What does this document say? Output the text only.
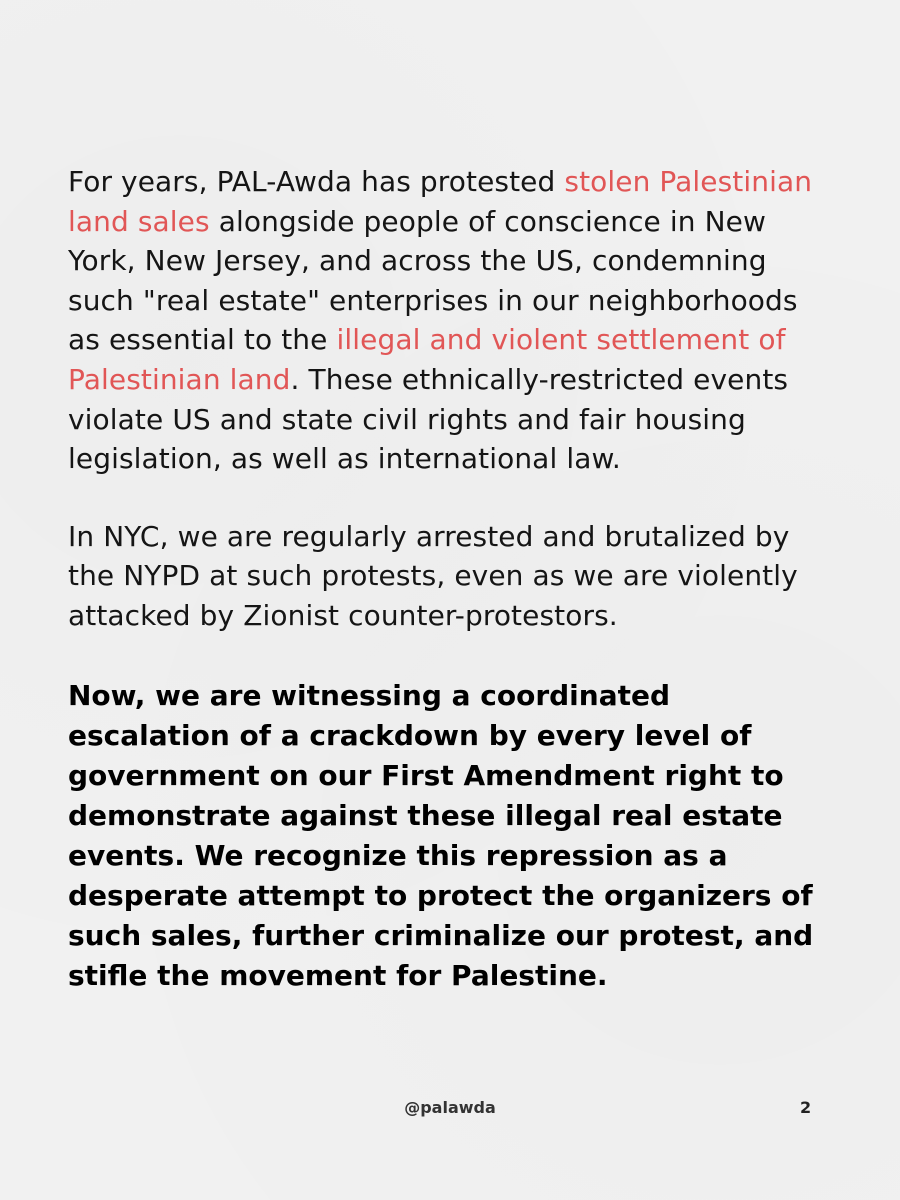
For years, PAL-Awda has protested stolen Palestinian land sales alongside people of conscience in New York, New Jersey, and across the US, condemning such "real estate" enterprises in our neighborhoods as essential to the illegal and violent settlement of Palestinian land. These ethnically-restricted events violate US and state civil rights and fair housing legislation, as well as international law.

In NYC, we are regularly arrested and brutalized by the NYPD at such protests, even as we are violently attacked by Zionist counter-protestors.

Now, we are witnessing a coordinated escalation of a crackdown by every level of government on our First Amendment right to demonstrate against these illegal real estate events. We recognize this repression as a desperate attempt to protect the organizers of such sales, further criminalize our protest, and stifle the movement for Palestine.

@palawda	2
